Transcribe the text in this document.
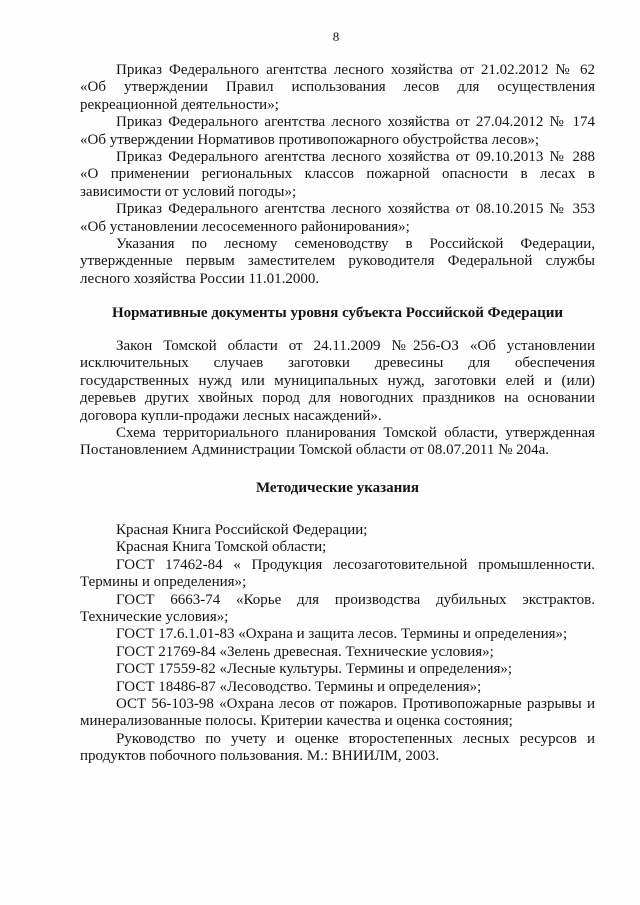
8
Приказ Федерального агентства лесного хозяйства от 21.02.2012 № 62
«Об утверждении Правил использования лесов для осуществления
рекреационной деятельности»;
Приказ Федерального агентства лесного хозяйства от 27.04.2012 № 174
«Об утверждении Нормативов противопожарного обустройства лесов»;
Приказ Федерального агентства лесного хозяйства от 09.10.2013 № 288
«О применении региональных классов пожарной опасности в лесах в
зависимости от условий погоды»;
Приказ Федерального агентства лесного хозяйства от 08.10.2015 № 353
«Об установлении лесосеменного районирования»;
Указания по лесному семеноводству в Российской Федерации,
утвержденные первым заместителем руководителя Федеральной службы
лесного хозяйства России 11.01.2000.
Нормативные документы уровня субъекта Российской Федерации
Закон Томской области от 24.11.2009 №256-ОЗ «Об установлении
исключительных случаев заготовки древесины для обеспечения
государственных нужд или муниципальных нужд, заготовки елей и (или)
деревьев других хвойных пород для новогодних праздников на основании
договора купли-продажи лесных насаждений».
Схема территориального планирования Томской области, утвержденная
Постановлением Администрации Томской области от 08.07.2011 № 204а.
Методические указания
Красная Книга Российской Федерации;
Красная Книга Томской области;
ГОСТ 17462-84 « Продукция лесозаготовительной промышленности.
Термины и определения»;
ГОСТ 6663-74 «Корье для производства дубильных экстрактов.
Технические условия»;
ГОСТ 17.6.1.01-83 «Охрана и защита лесов. Термины и определения»;
ГОСТ 21769-84 «Зелень древесная. Технические условия»;
ГОСТ 17559-82 «Лесные культуры. Термины и определения»;
ГОСТ 18486-87 «Лесоводство. Термины и определения»;
ОСТ 56-103-98 «Охрана лесов от пожаров. Противопожарные разрывы и
минерализованные полосы. Критерии качества и оценка состояния;
Руководство по учету и оценке второстепенных лесных ресурсов и
продуктов побочного пользования. М.: ВНИИЛМ, 2003.
